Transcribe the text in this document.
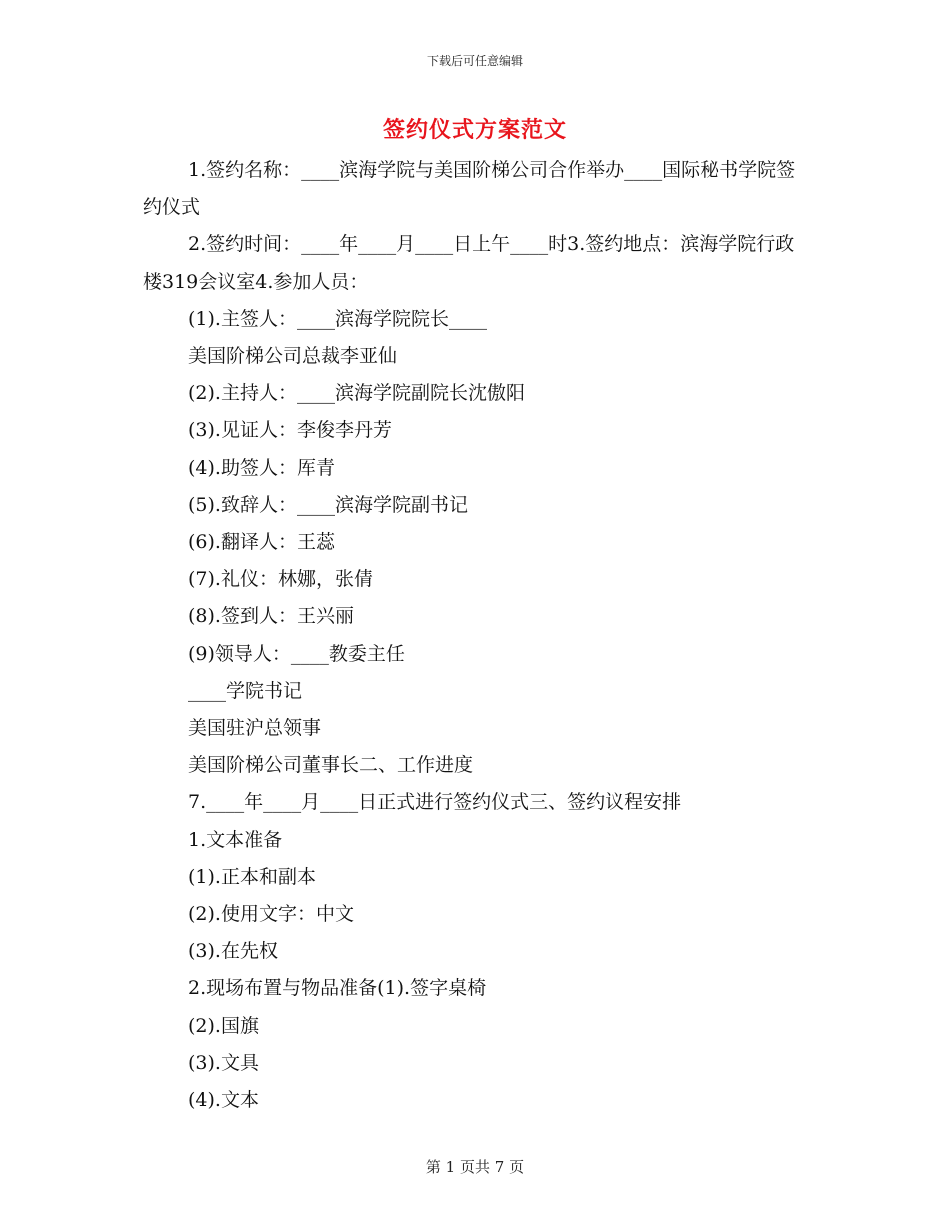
下载后可任意编辑
签约仪式方案范文

1.签约名称：____滨海学院与美国阶梯公司合作举办____国际秘书学院签约仪式

2.签约时间：____年____月____日上午____时3.签约地点：滨海学院行政楼319会议室4.参加人员：

(1).主签人：____滨海学院院长____

美国阶梯公司总裁李亚仙

(2).主持人：____滨海学院副院长沈傲阳

(3).见证人：李俊李丹芳

(4).助签人：厍青

(5).致辞人：____滨海学院副书记

(6).翻译人：王蕊

(7).礼仪：林娜，张倩

(8).签到人：王兴丽

(9)领导人：____教委主任

____学院书记

美国驻沪总领事

美国阶梯公司董事长二、工作进度

7.____年____月____日正式进行签约仪式三、签约议程安排

1.文本准备

(1).正本和副本

(2).使用文字：中文

(3).在先权

2.现场布置与物品准备(1).签字桌椅

(2).国旗

(3).文具

(4).文本

第 1 页共 7 页
